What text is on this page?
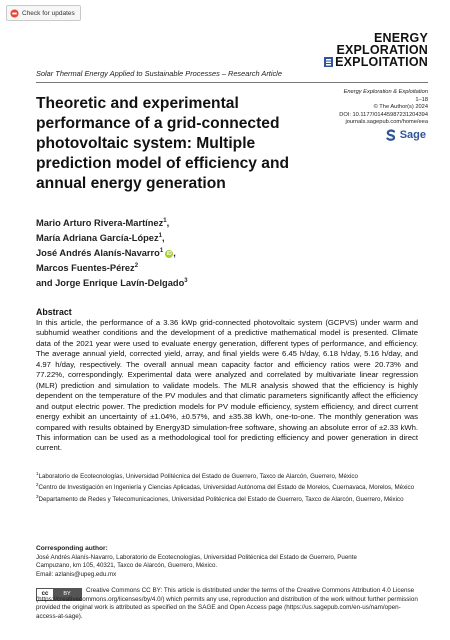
Check for updates
ENERGY
EXPLORATION
EXPLOITATION
Solar Thermal Energy Applied to Sustainable Processes – Research Article
Theoretic and experimental performance of a grid-connected photovoltaic system: Multiple prediction model of efficiency and annual energy generation
Energy Exploration & Exploitation
1–18
© The Author(s) 2024
DOI: 10.1177/01445987231204394
journals.sagepub.com/home/eea
Sage
Mario Arturo Rivera-Martínez$^1$,
María Adriana García-López$^1$,
José Andrés Alanís-Navarro$^1$ iD ,
Marcos Fuentes-Pérez$^2$
and Jorge Enrique Lavín-Delgado$^3$
Abstract
In this article, the performance of a 3.36 kWp grid-connected photovoltaic system (GCPVS) under warm and subhumid weather conditions and the development of a predictive mathematical model is presented. Climate data of the 2021 year were used to evaluate energy generation, different types of performance, and efficiency. The average annual yield, corrected yield, array, and final yields were 6.45 h/day, 6.18 h/day, 5.16 h/day, and 4.97 h/day, respectively. The overall annual mean capacity factor and efficiency ratios were 20.73% and 77.22%, correspondingly. Experimental data were analyzed and correlated by multivariate linear regression (MLR) prediction and simulation to validate models. The MLR analysis showed that the efficiency is highly dependent on the temperature of the PV modules and that climatic parameters significantly affect the efficiency and output electric power. The prediction models for PV module efficiency, system efficiency, and direct current energy exhibit an uncertainty of ±1.04%, ±0.57%, and ±35.38 kWh, one-to-one. The monthly generation was compared with results obtained by Energy3D simulation-free software, showing an absolute error of ±2.33 kWh. This information can be used as a methodological tool for predicting efficiency and power generation in direct current.
$^1$Laboratorio de Ecotecnologías, Universidad Politécnica del Estado de Guerrero, Taxco de Alarcón, Guerrero, México
$^2$Centro de Investigación en Ingeniería y Ciencias Aplicadas, Universidad Autónoma del Estado de Morelos, Cuernavaca, Morelos, México
$^3$Departamento de Redes y Telecomunicaciones, Universidad Politécnica del Estado de Guerrero, Taxco de Alarcón, Guerrero, México
Corresponding author:
José Andrés Alanís-Navarro, Laboratorio de Ecotecnologías, Universidad Politécnica del Estado de Guerrero, Puente
Campuzano, km 105, 40321, Taxco de Alarcón, Guerrero, México.
Email: azlanis@upeg.edu.mx
cc	BY	Creative Commons CC BY: This article is distributed under the terms of the Creative Commons Attribution 4.0 License (https://creativecommons.org/licenses/by/4.0/) which permits any use, reproduction and distribution of the work without further permission provided the original work is attributed as specified on the SAGE and Open Access page (https://us.sagepub.com/en-us/nam/open-access-at-sage).
